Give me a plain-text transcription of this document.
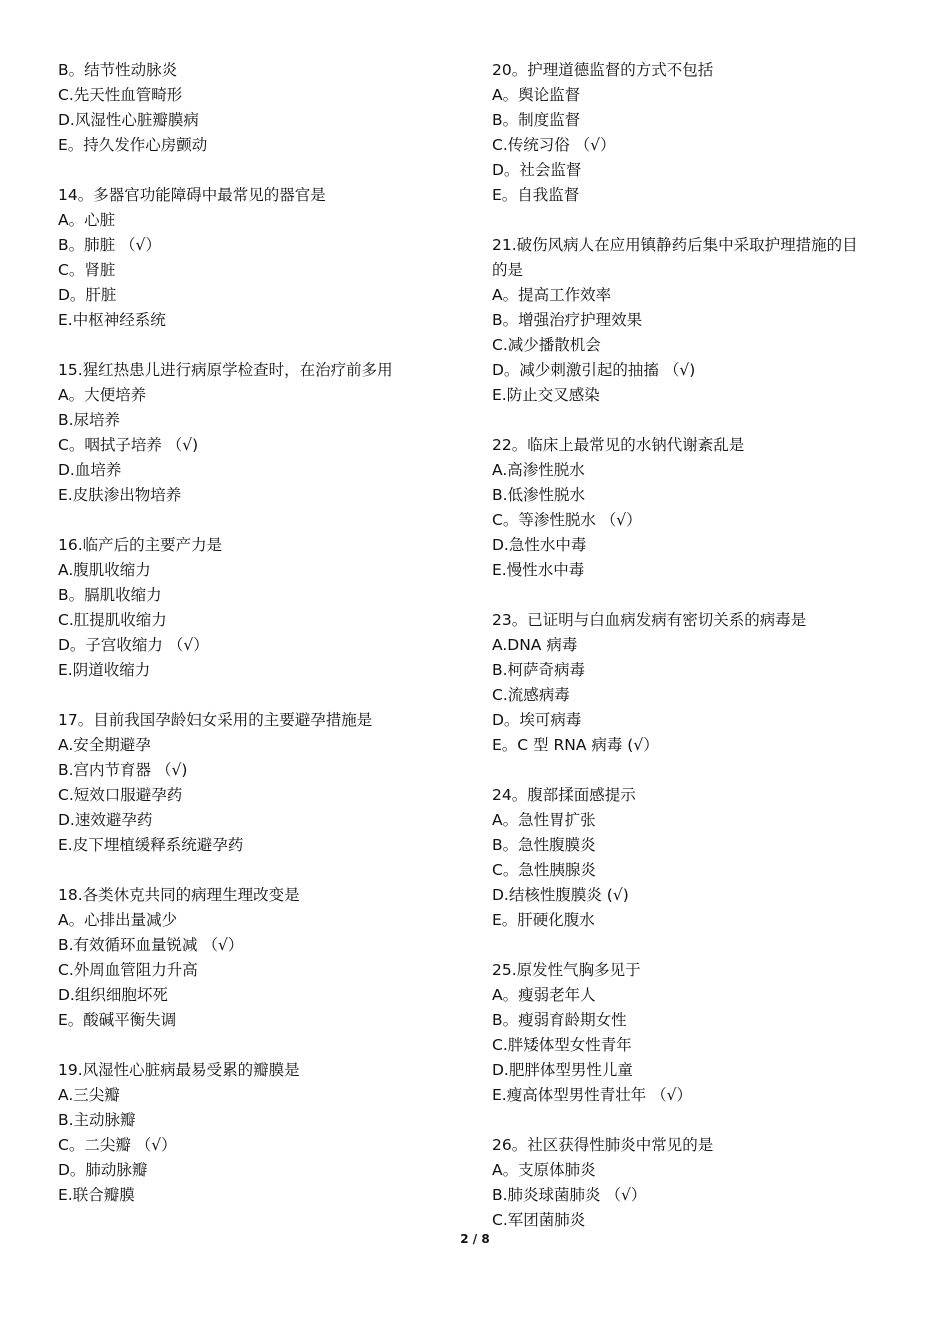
B。结节性动脉炎
C.先天性血管畸形
D.风湿性心脏瓣膜病
E。持久发作心房颤动
14。多器官功能障碍中最常见的器官是
A。心脏
B。肺脏 （√）
C。肾脏
D。肝脏
E.中枢神经系统
15.猩红热患儿进行病原学检查时，在治疗前多用
A。大便培养
B.尿培养
C。咽拭子培养 （√)
D.血培养
E.皮肤渗出物培养
16.临产后的主要产力是
A.腹肌收缩力
B。膈肌收缩力
C.肛提肌收缩力
D。子宫收缩力 （√）
E.阴道收缩力
17。目前我国孕龄妇女采用的主要避孕措施是
A.安全期避孕
B.宫内节育器 （√)
C.短效口服避孕药
D.速效避孕药
E.皮下埋植缓释系统避孕药
18.各类休克共同的病理生理改变是
A。心排出量减少
B.有效循环血量锐减 （√）
C.外周血管阻力升高
D.组织细胞坏死
E。酸碱平衡失调
19.风湿性心脏病最易受累的瓣膜是
A.三尖瓣
B.主动脉瓣
C。二尖瓣 （√）
D。肺动脉瓣
E.联合瓣膜
20。护理道德监督的方式不包括
A。舆论监督
B。制度监督
C.传统习俗 （√）
D。社会监督
E。自我监督
21.破伤风病人在应用镇静药后集中采取护理措施的目
的是
A。提高工作效率
B。增强治疗护理效果
C.减少播散机会
D。减少刺激引起的抽搐 （√)
E.防止交叉感染
22。临床上最常见的水钠代谢紊乱是
A.高渗性脱水
B.低渗性脱水
C。等渗性脱水 （√）
D.急性水中毒
E.慢性水中毒
23。已证明与白血病发病有密切关系的病毒是
A.DNA 病毒
B.柯萨奇病毒
C.流感病毒
D。埃可病毒
E。C 型 RNA 病毒 (√）
24。腹部揉面感提示
A。急性胃扩张
B。急性腹膜炎
C。急性胰腺炎
D.结核性腹膜炎 (√)
E。肝硬化腹水
25.原发性气胸多见于
A。瘦弱老年人
B。瘦弱育龄期女性
C.胖矮体型女性青年
D.肥胖体型男性儿童
E.瘦高体型男性青壮年 （√）
26。社区获得性肺炎中常见的是
A。支原体肺炎
B.肺炎球菌肺炎 （√）
C.军团菌肺炎
2 / 8
